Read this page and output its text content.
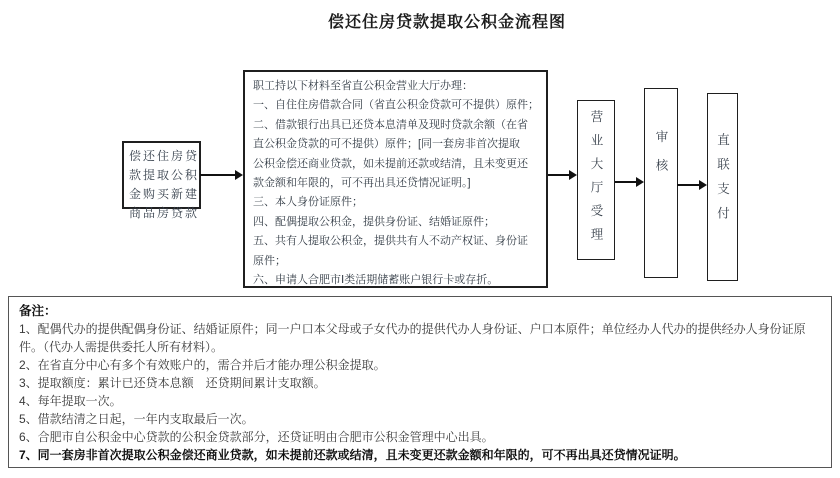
偿还住房贷款提取公积金流程图
偿还住房贷
款提取公积
金购买新建
商品房贷款
职工持以下材料至省直公积金营业大厅办理：
一、自住住房借款合同（省直公积金贷款可不提供）原件；
二、借款银行出具已还贷本息清单及现时贷款余额（在省
直公积金贷款的可不提供）原件；[同一套房非首次提取
公积金偿还商业贷款，如未提前还款或结清，且未变更还
款金额和年限的，可不再出具还贷情况证明。]
三、本人身份证原件；
四、配偶提取公积金，提供身份证、结婚证原件；
五、共有人提取公积金，提供共有人不动产权证、身份证
原件；
六、申请人合肥市Ⅰ类活期储蓄账户银行卡或存折。
营业大厅受理	审核	直联支付
备注：
1、配偶代办的提供配偶身份证、结婚证原件；同一户口本父母或子女代办的提供代办人身份证、户口本原件；单位经办人代办的提供经办人身份证原件。（代办人需提供委托人所有材料）。
2、在省直分中心有多个有效账户的，需合并后才能办理公积金提取。
3、提取额度：累计已还贷本息额　还贷期间累计支取额。
4、每年提取一次。
5、借款结清之日起，一年内支取最后一次。
6、合肥市自公积金中心贷款的公积金贷款部分，还贷证明由合肥市公积金管理中心出具。
7、同一套房非首次提取公积金偿还商业贷款，如未提前还款或结清，且未变更还款金额和年限的，可不再出具还贷情况证明。
